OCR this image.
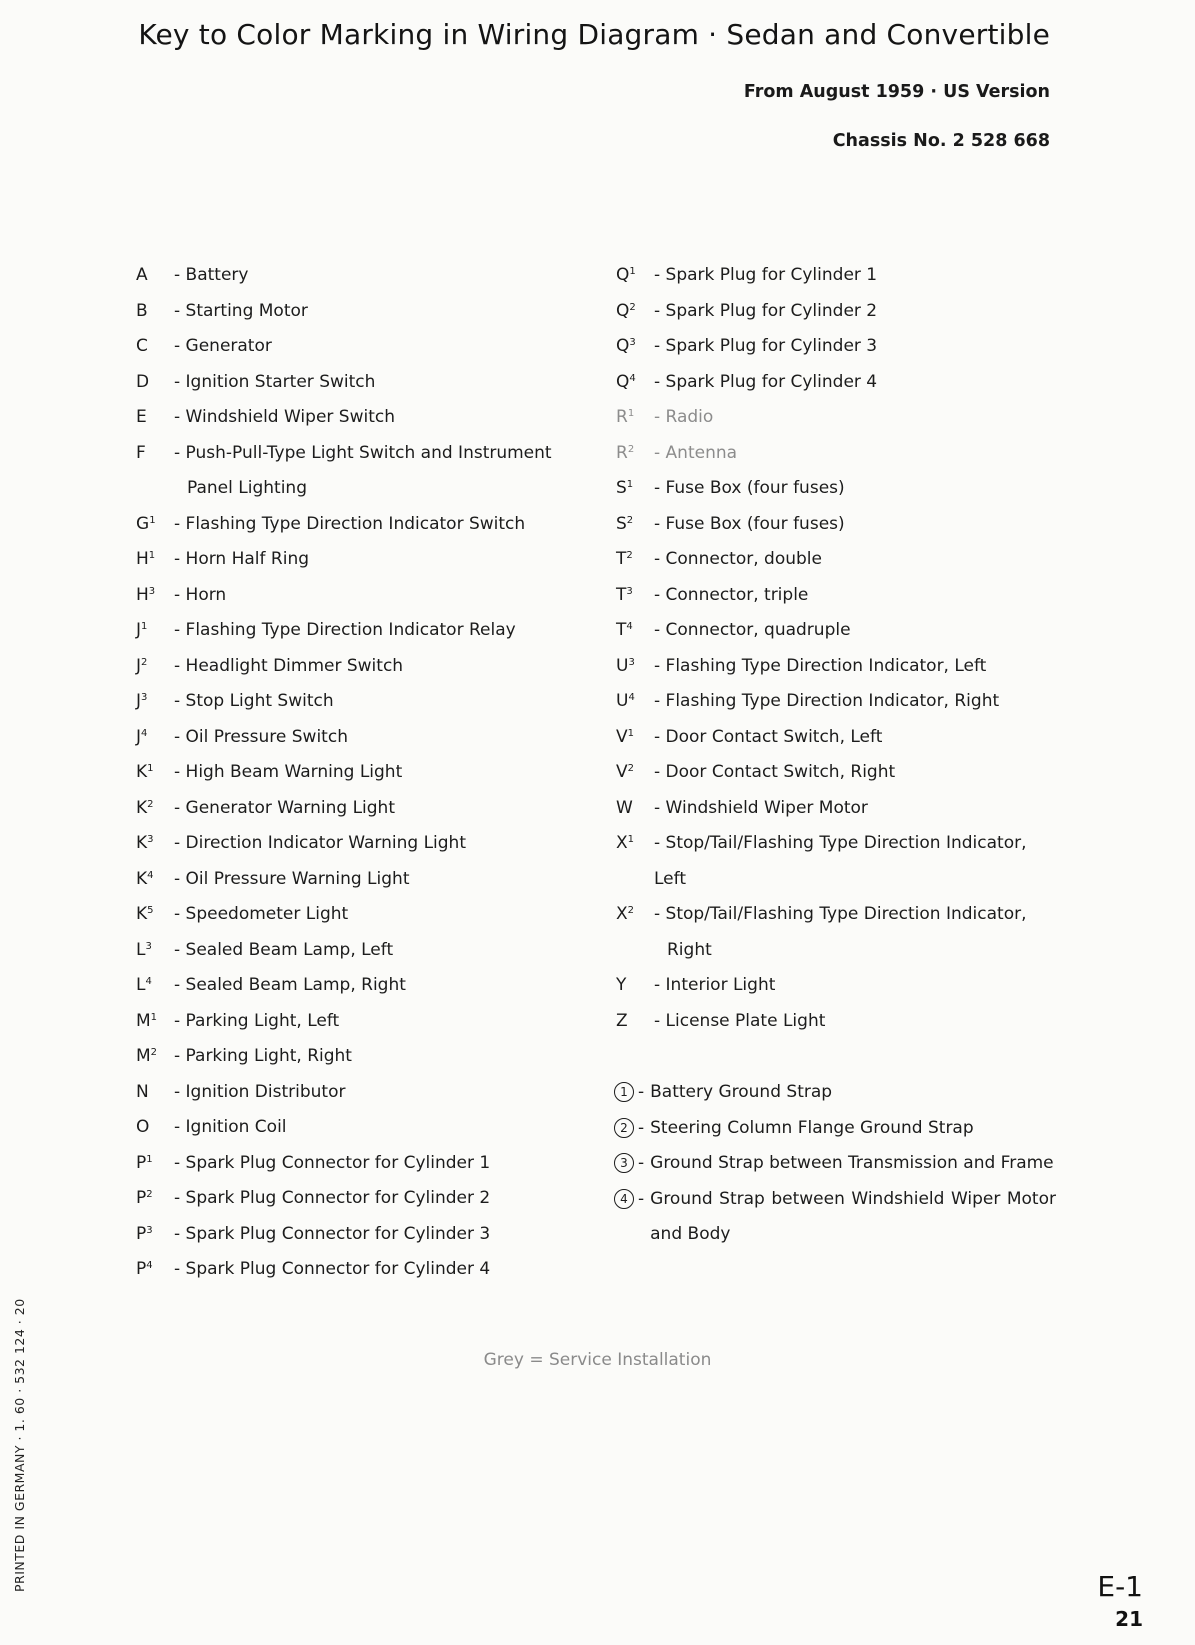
Key to Color Marking in Wiring Diagram · Sedan and Convertible
From August 1959 · US Version
Chassis No. 2 528 668
A	- Battery
B	- Starting Motor
C	- Generator
D	- Ignition Starter Switch
E	- Windshield Wiper Switch
F	- Push-Pull-Type Light Switch and Instrument
Panel Lighting
$G^1$	- Flashing Type Direction Indicator Switch
$H^1$	- Horn Half Ring
$H^3$	- Horn
$J^1$	- Flashing Type Direction Indicator Relay
$J^2$	- Headlight Dimmer Switch
$J^3$	- Stop Light Switch
$J^4$	- Oil Pressure Switch
$K^1$	- High Beam Warning Light
$K^2$	- Generator Warning Light
$K^3$	- Direction Indicator Warning Light
$K^4$	- Oil Pressure Warning Light
$K^5$	- Speedometer Light
$L^3$	- Sealed Beam Lamp, Left
$L^4$	- Sealed Beam Lamp, Right
$M^1$ - Parking Light, Left
$M^2$ - Parking Light, Right
N	- Ignition Distributor
O	- Ignition Coil
$P^1$	- Spark Plug Connector for Cylinder 1
$P^2$	- Spark Plug Connector for Cylinder 2
$P^3$	- Spark Plug Connector for Cylinder 3
$P^4$	- Spark Plug Connector for Cylinder 4
$Q^1$	- Spark Plug for Cylinder 1
$Q^2$	- Spark Plug for Cylinder 2
$Q^3$	- Spark Plug for Cylinder 3
$Q^4$	- Spark Plug for Cylinder 4
$R^1$	- Radio
$R^2$	- Antenna
$S^1$	- Fuse Box (four fuses)
$S^2$	- Fuse Box (four fuses)
$T^2$	- Connector, double
$T^3$	- Connector, triple
$T^4$	- Connector, quadruple
$U^3$	- Flashing Type Direction Indicator, Left
$U^4$	- Flashing Type Direction Indicator, Right
$V^1$	- Door Contact Switch, Left
$V^2$	- Door Contact Switch, Right
W	- Windshield Wiper Motor
$X^1$	- Stop/Tail/Flashing Type Direction Indicator, Left
$X^2$	- Stop/Tail/Flashing Type Direction Indicator,
Right
Y	- Interior Light
Z	- License Plate Light
1 - Battery Ground Strap
2 - Steering Column Flange Ground Strap
3 - Ground Strap between Transmission and Frame
4 - Ground Strap between Windshield Wiper Motor and Body
Grey = Service Installation
PRINTED IN GERMANY · 1. 60 · 532 124 · 20	E-1
21
